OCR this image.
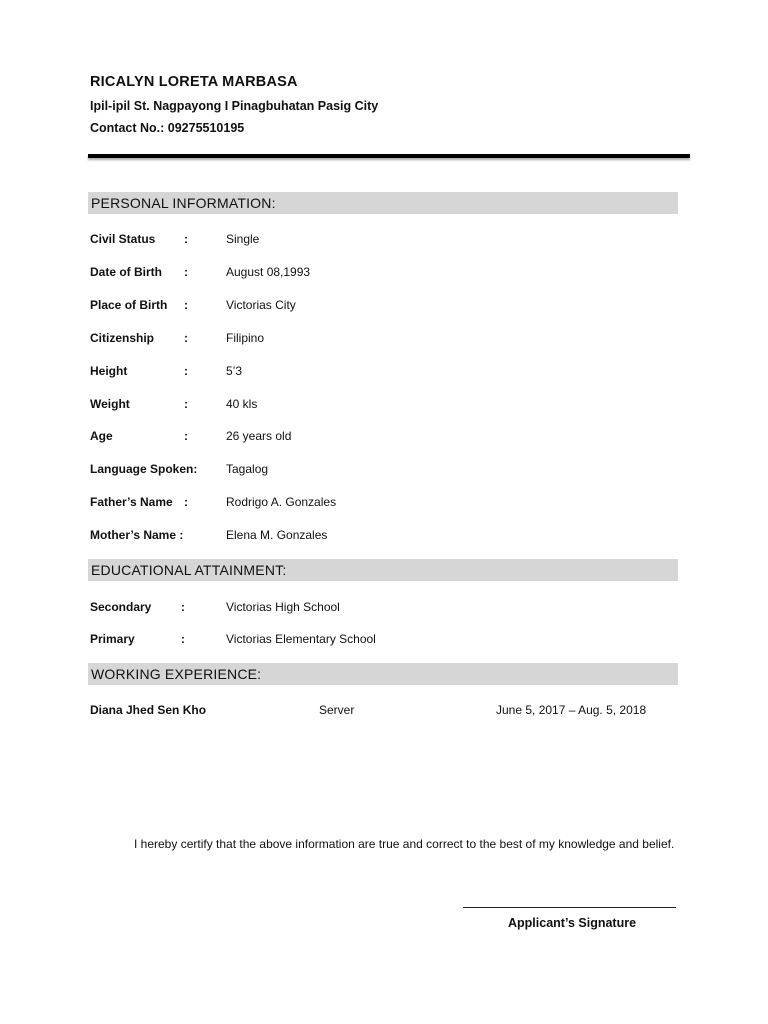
RICALYN LORETA MARBASA
Ipil-ipil St. Nagpayong I Pinagbuhatan Pasig City
Contact No.: 09275510195
PERSONAL INFORMATION:
Civil Status :	Single
Date of Birth :	August 08,1993
Place of Birth :	Victorias City
Citizenship :	Filipino
Height	:	5’3
Weight	:	40 kls
Age	:	26 years old
Language Spoken: Tagalog
Father’s Name :	Rodrigo A. Gonzales
Mother’s Name :	Elena M. Gonzales
EDUCATIONAL ATTAINMENT:
Secondary :	Victorias High School
Primary	:	Victorias Elementary School
WORKING EXPERIENCE:
Diana Jhed Sen Kho	Server	June 5, 2017 – Aug. 5, 2018
I hereby certify that the above information are true and correct to the best of my knowledge and belief.
Applicant’s Signature
